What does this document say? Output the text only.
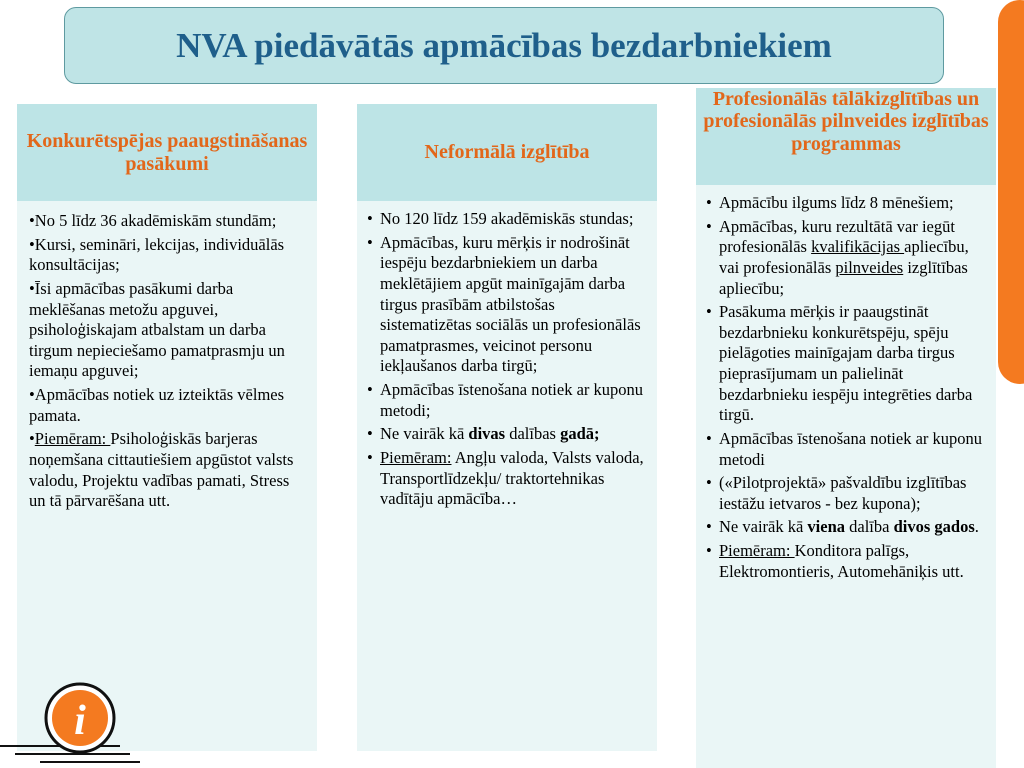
NVA piedāvātās apmācības bezdarbniekiem
Konkurētspējas paaugstināšanas pasākumi
•No 5 līdz 36 akadēmiskām stundām;
•Kursi, semināri, lekcijas, individuālās konsultācijas;
•Īsi apmācības pasākumi darba meklēšanas metožu apguvei, psiholoģiskajam atbalstam un darba tirgum nepieciešamo pamatprasmju un iemaņu apguvei;
•Apmācības notiek uz izteiktās vēlmes pamata.
•Piemēram: Psiholoģiskās barjeras noņemšana cittautiešiem apgūstot valsts valodu, Projektu vadības pamati, Stress un tā pārvarēšana utt.
Neformālā izglītība
• No 120 līdz 159 akadēmiskās stundas;
• Apmācības, kuru mērķis ir nodrošināt iespēju bezdarbniekiem un darba meklētājiem apgūt mainīgajām darba tirgus prasībām atbilstošas sistematizētas sociālās un profesionālās pamatprasmes, veicinot personu iekļaušanos darba tirgū;
• Apmācības īstenošana notiek ar kuponu metodi;
• Ne vairāk kā divas dalības gadā;
• Piemēram: Angļu valoda, Valsts valoda, Transportlīdzekļu/ traktortehnikas vadītāju apmācība…
Profesionālās tālākizglītības un profesionālās pilnveides izglītības programmas
• Apmācību ilgums līdz 8 mēnešiem;
• Apmācības, kuru rezultātā var iegūt profesionālās kvalifikācijas apliecību, vai profesionālās pilnveides izglītības apliecību;
• Pasākuma mērķis ir paaugstināt bezdarbnieku konkurētspēju, spēju pielāgoties mainīgajam darba tirgus pieprasījumam un palielināt bezdarbnieku iespēju integrēties darba tirgū.
• Apmācības īstenošana notiek ar kuponu metodi
• («Pilotprojektā» pašvaldību izglītības iestāžu ietvaros - bez kupona);
• Ne vairāk kā viena dalība divos gados.
• Piemēram: Konditora palīgs, Elektromontieris, Automehāniķis utt.
i
